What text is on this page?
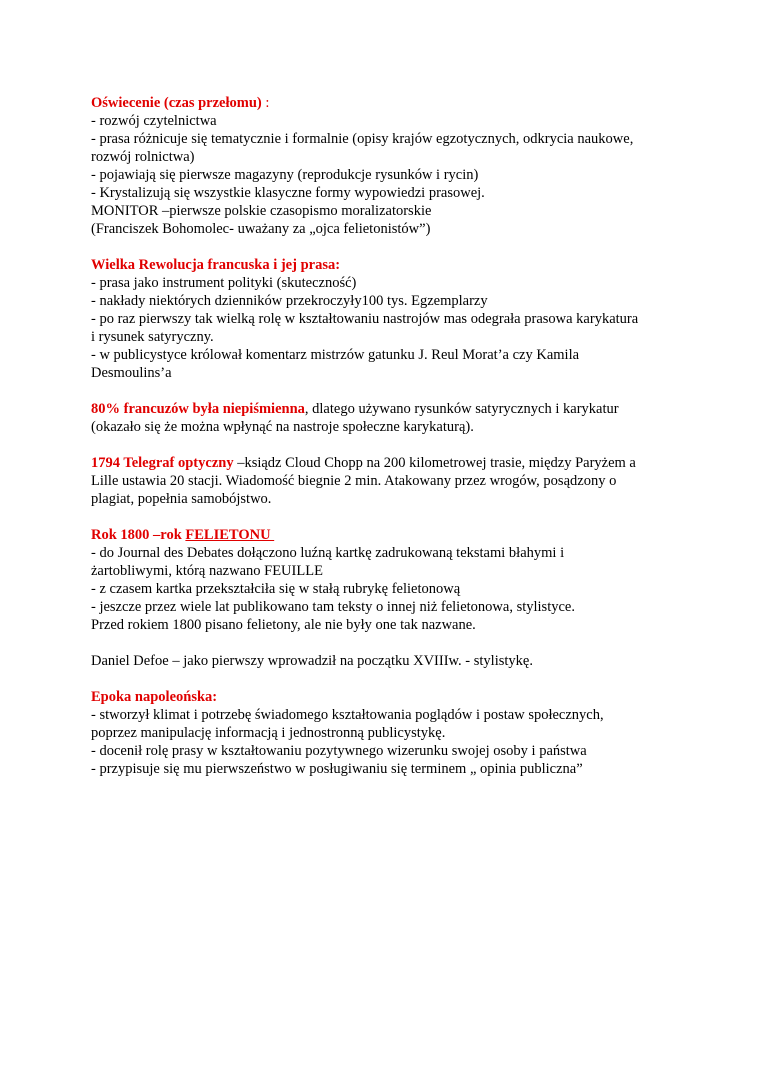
Oświecenie (czas przełomu) :
- rozwój czytelnictwa
- prasa różnicuje się tematycznie i formalnie (opisy krajów egzotycznych, odkrycia naukowe,
rozwój rolnictwa)
- pojawiają się pierwsze magazyny (reprodukcje rysunków i rycin)
- Krystalizują się wszystkie klasyczne formy wypowiedzi prasowej.
MONITOR –pierwsze polskie czasopismo moralizatorskie
(Franciszek Bohomolec- uważany za „ojca felietonistów”)
Wielka Rewolucja francuska i jej prasa:
- prasa jako instrument polityki (skuteczność)
- nakłady niektórych dzienników przekroczyły100 tys. Egzemplarzy
- po raz pierwszy tak wielką rolę w kształtowaniu nastrojów mas odegrała prasowa karykatura
i rysunek satyryczny.
- w publicystyce królował komentarz mistrzów gatunku J. Reul Morat’a czy Kamila
Desmoulins’a
80% francuzów była niepiśmienna, dlatego używano rysunków satyrycznych i karykatur
(okazało się że można wpłynąć na nastroje społeczne karykaturą).
1794 Telegraf optyczny –ksiądz Cloud Chopp na 200 kilometrowej trasie, między Paryżem a
Lille ustawia 20 stacji. Wiadomość biegnie 2 min. Atakowany przez wrogów, posądzony o
plagiat, popełnia samobójstwo.
Rok 1800 –rok FELIETONU
- do Journal des Debates dołączono luźną kartkę zadrukowaną tekstami błahymi i
żartobliwymi, którą nazwano FEUILLE
- z czasem kartka przekształciła się w stałą rubrykę felietonową
- jeszcze przez wiele lat publikowano tam teksty o innej niż felietonowa, stylistyce.
Przed rokiem 1800 pisano felietony, ale nie były one tak nazwane.
Daniel Defoe – jako pierwszy wprowadził na początku XVIIIw. - stylistykę.
Epoka napoleońska:
- stworzył klimat i potrzebę świadomego kształtowania poglądów i postaw społecznych,
poprzez manipulację informacją i jednostronną publicystykę.
- docenił rolę prasy w kształtowaniu pozytywnego wizerunku swojej osoby i państwa
- przypisuje się mu pierwszeństwo w posługiwaniu się terminem „ opinia publiczna”
